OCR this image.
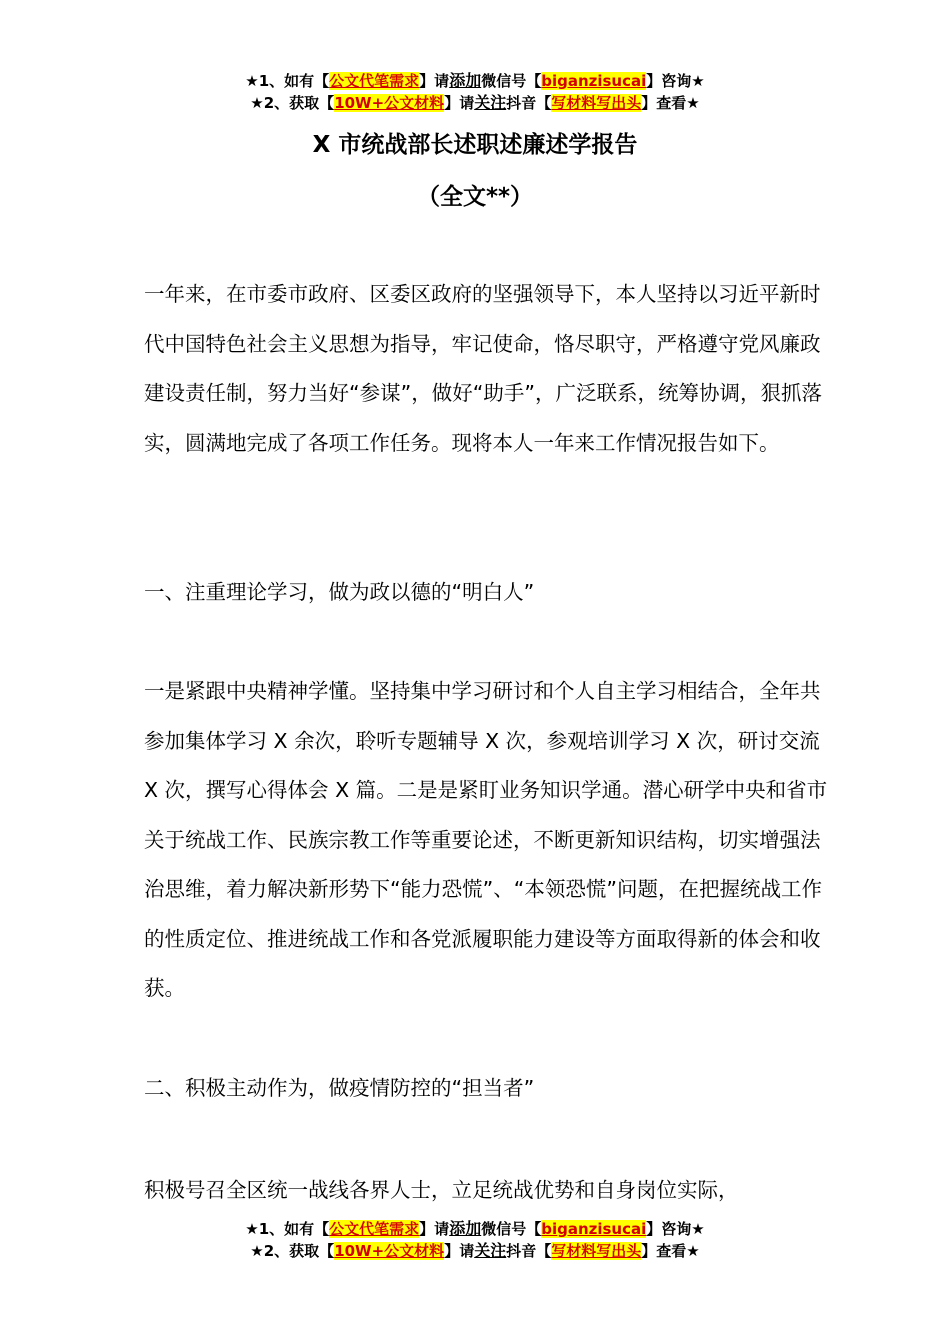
★1、如有【公文代笔需求】请添加微信号【biganzisucai】咨询★
★2、获取【10W+公文材料】请关注抖音【写材料写出头】查看★
X 市统战部长述职述廉述学报告
（全文**）

一年来，在市委市政府、区委区政府的坚强领导下，本人坚持以习近平新时代中国特色社会主义思想为指导，牢记使命，恪尽职守，严格遵守党风廉政建设责任制，努力当好“参谋”，做好“助手”，广泛联系，统筹协调，狠抓落实，圆满地完成了各项工作任务。现将本人一年来工作情况报告如下。

一、注重理论学习，做为政以德的“明白人”

一是紧跟中央精神学懂。坚持集中学习研讨和个人自主学习相结合，全年共参加集体学习 X 余次，聆听专题辅导 X 次，参观培训学习 X 次，研讨交流 X 次，撰写心得体会 X 篇。二是是紧盯业务知识学通。潜心研学中央和省市关于统战工作、民族宗教工作等重要论述，不断更新知识结构，切实增强法治思维，着力解决新形势下“能力恐慌”、“本领恐慌”问题，在把握统战工作的性质定位、推进统战工作和各党派履职能力建设等方面取得新的体会和收获。

二、积极主动作为，做疫情防控的“担当者”

积极号召全区统一战线各界人士，立足统战优势和自身岗位实际，

★1、如有【公文代笔需求】请添加微信号【biganzisucai】咨询★
★2、获取【10W+公文材料】请关注抖音【写材料写出头】查看★
